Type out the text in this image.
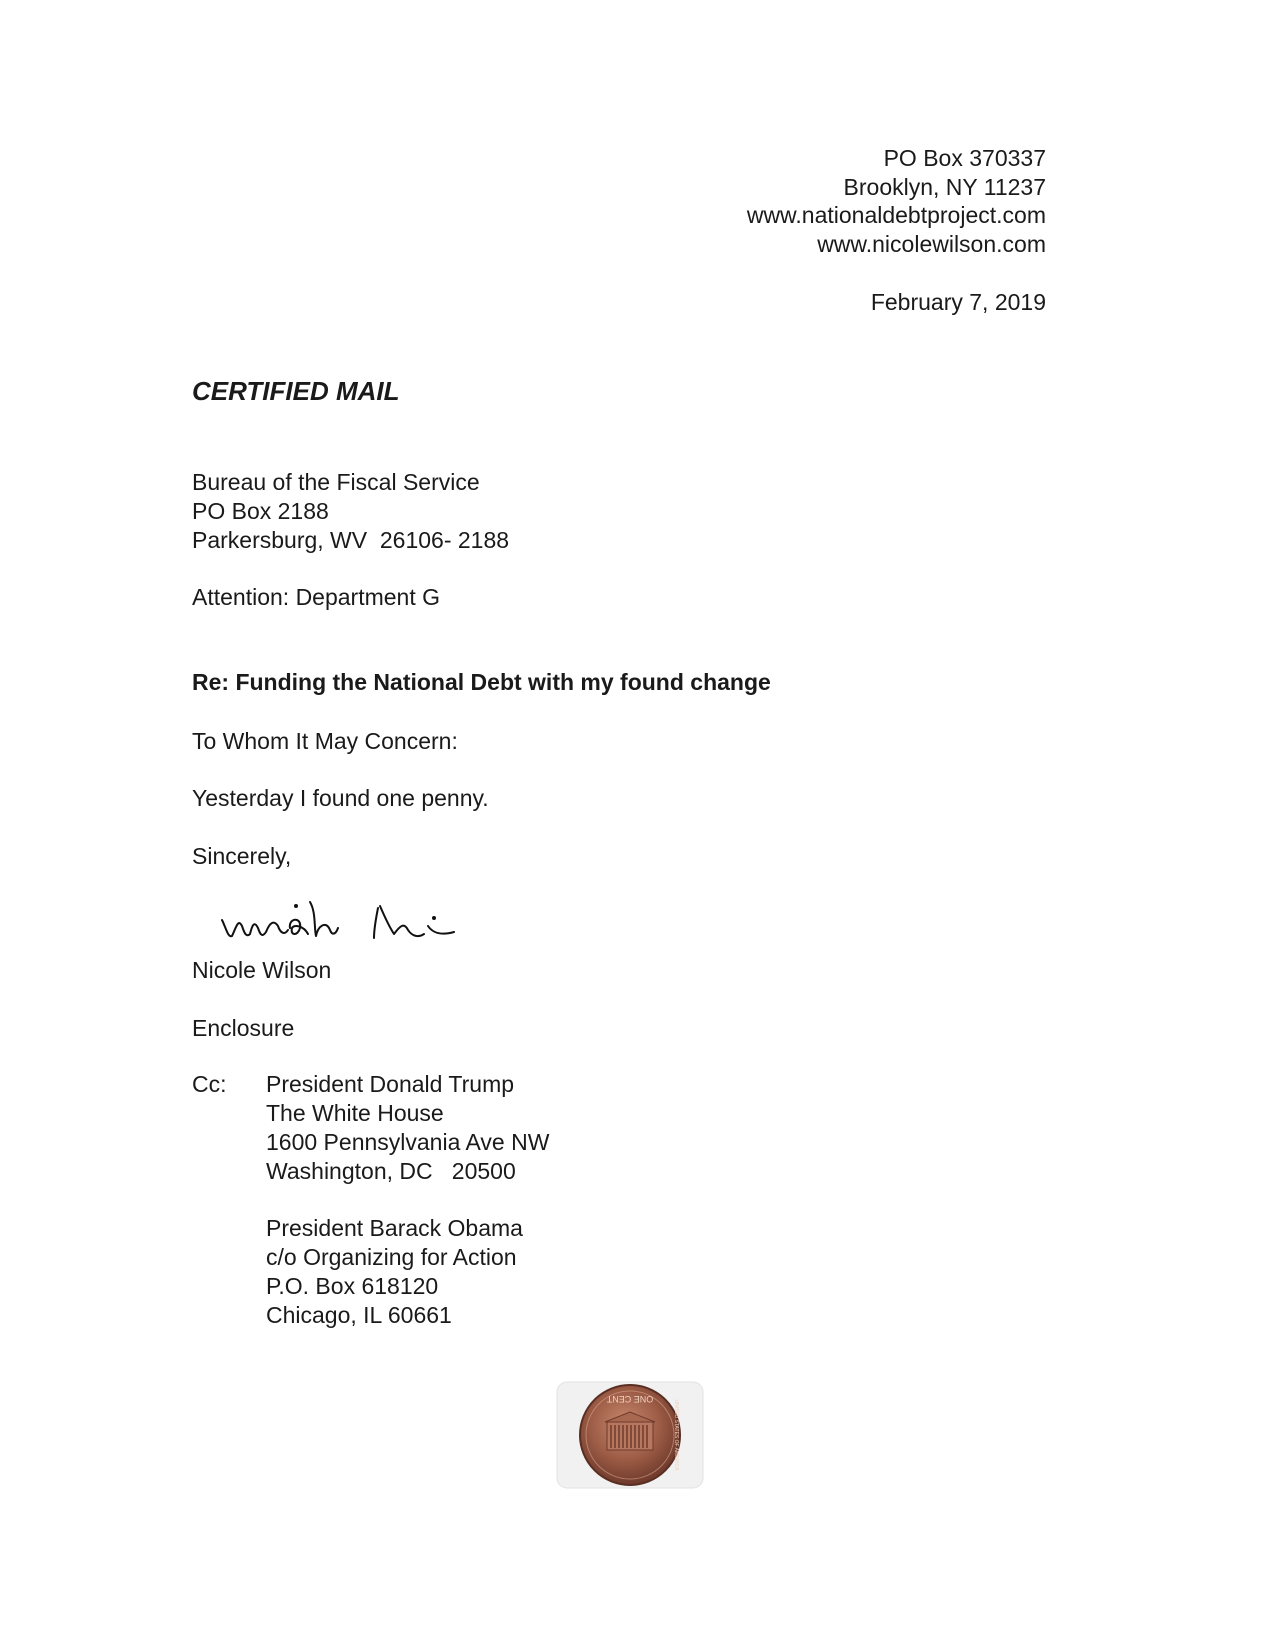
PO Box 370337
Brooklyn, NY 11237
www.nationaldebtproject.com
www.nicolewilson.com
February 7, 2019
CERTIFIED MAIL
Bureau of the Fiscal Service
PO Box 2188
Parkersburg, WV  26106- 2188
Attention: Department G
Re: Funding the National Debt with my found change
To Whom It May Concern:
Yesterday I found one penny.
Sincerely,
Nicole Wilson
Enclosure
Cc: President Donald Trump
The White House
1600 Pennsylvania Ave NW
Washington, DC   20500
President Barack Obama
c/o Organizing for Action
P.O. Box 618120
Chicago, IL 60661
ONE CENT
UNITED STATES OF AMERICA
